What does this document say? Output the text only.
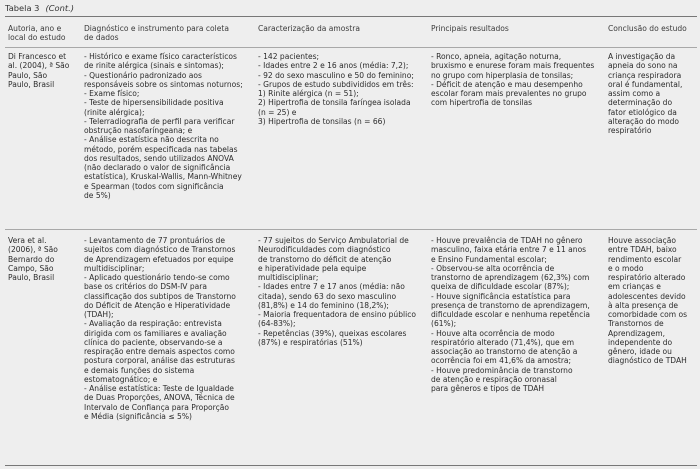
Tabela 3 (Cont.)
Autoria, ano e
local do estudo
Diagnóstico e instrumento para coleta
de dados
Caracterização da amostra	Principais resultados	Conclusão do estudo
Di Francesco et
al. (2004), ª São
Paulo, São
Paulo, Brasil
- Histórico e exame físico característicos
de rinite alérgica (sinais e sintomas);
- Questionário padronizado aos
responsáveis sobre os sintomas noturnos;
- Exame físico;
- Teste de hipersensibilidade positiva
(rinite alérgica);
- Telerradiografia de perfil para verificar
obstrução nasofaríngeana; e
- Análise estatística não descrita no
método, porém especificada nas tabelas
dos resultados, sendo utilizados ANOVA
(não declarado o valor de significância
estatística), Kruskal-Wallis, Mann-Whitney
e Spearman (todos com significância
de 5%)
- 142 pacientes;
- Idades entre 2 e 16 anos (média: 7,2);
- 92 do sexo masculino e 50 do feminino;
- Grupos de estudo subdivididos em três:
1) Rinite alérgica (n = 51);
2) Hipertrofia de tonsila faríngea isolada
(n = 25) e
3) Hipertrofia de tonsilas (n = 66)
- Ronco, apneia, agitação noturna,
bruxismo e enurese foram mais frequentes
no grupo com hiperplasia de tonsilas;
- Déficit de atenção e mau desempenho
escolar foram mais prevalentes no grupo
com hipertrofia de tonsilas
A investigação da
apneia do sono na
criança respiradora
oral é fundamental,
assim como a
determinação do
fator etiológico da
alteração do modo
respiratório
Vera et al.
(2006), ª São
Bernardo do
Campo, São
Paulo, Brasil
- Levantamento de 77 prontuários de
sujeitos com diagnóstico de Transtornos
de Aprendizagem efetuados por equipe
multidisciplinar;
- Aplicado questionário tendo-se como
base os critérios do DSM-IV para
classificação dos subtipos de Transtorno
do Déficit de Atenção e Hiperatividade
(TDAH);
- Avaliação da respiração: entrevista
dirigida com os familiares e avaliação
clínica do paciente, observando-se a
respiração entre demais aspectos como
postura corporal, análise das estruturas
e demais funções do sistema
estomatognático; e
- Análise estatística: Teste de Igualdade
de Duas Proporções, ANOVA, Técnica de
Intervalo de Confiança para Proporção
e Média (significância ≤ 5%)
- 77 sujeitos do Serviço Ambulatorial de
Neurodificuldades com diagnóstico
de transtorno do déficit de atenção
e hiperatividade pela equipe
multidisciplinar;
- Idades entre 7 e 17 anos (média: não
citada), sendo 63 do sexo masculino
(81,8%) e 14 do feminino (18,2%);
- Maioria frequentadora de ensino público
(64-83%);
- Repetências (39%), queixas escolares
(87%) e respiratórias (51%)
- Houve prevalência de TDAH no gênero
masculino, faixa etária entre 7 e 11 anos
e Ensino Fundamental escolar;
- Observou-se alta ocorrência de
transtorno de aprendizagem (62,3%) com
queixa de dificuldade escolar (87%);
- Houve significância estatística para
presença de transtorno de aprendizagem,
dificuldade escolar e nenhuma repetência
(61%);
- Houve alta ocorrência de modo
respiratório alterado (71,4%), que em
associação ao transtorno de atenção a
ocorrência foi em 41,6% da amostra;
- Houve predominância de transtorno
de atenção e respiração oronasal
para gêneros e tipos de TDAH
Houve associação
entre TDAH, baixo
rendimento escolar
e o modo
respiratório alterado
em crianças e
adolescentes devido
à alta presença de
comorbidade com os
Transtornos de
Aprendizagem,
independente do
gênero, idade ou
diagnóstico de TDAH
